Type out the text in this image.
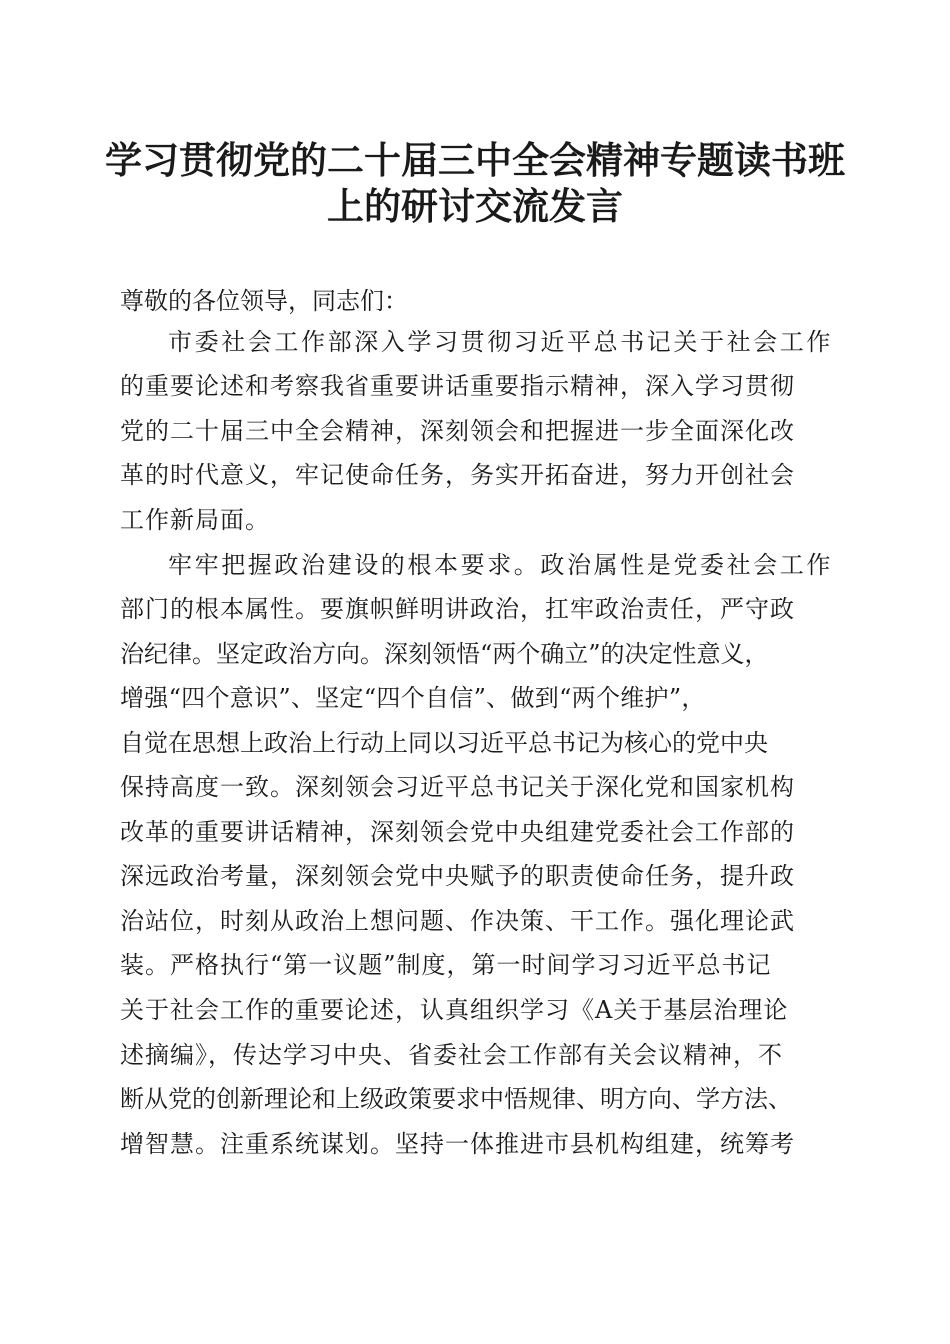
学习贯彻党的二十届三中全会精神专题读书班
上的研讨交流发言

尊敬的各位领导，同志们：

市委社会工作部深入学习贯彻习近平总书记关于社会工作

的重要论述和考察我省重要讲话重要指示精神，深入学习贯彻

党的二十届三中全会精神，深刻领会和把握进一步全面深化改

革的时代意义，牢记使命任务，务实开拓奋进，努力开创社会

工作新局面。

牢牢把握政治建设的根本要求。政治属性是党委社会工作

部门的根本属性。要旗帜鲜明讲政治，扛牢政治责任，严守政

治纪律。坚定政治方向。深刻领悟“两个确立”的决定性意义，

增强“四个意识”、坚定“四个自信”、做到“两个维护”，

自觉在思想上政治上行动上同以习近平总书记为核心的党中央

保持高度一致。深刻领会习近平总书记关于深化党和国家机构

改革的重要讲话精神，深刻领会党中央组建党委社会工作部的

深远政治考量，深刻领会党中央赋予的职责使命任务，提升政

治站位，时刻从政治上想问题、作决策、干工作。强化理论武

装。严格执行“第一议题”制度，第一时间学习习近平总书记

关于社会工作的重要论述，认真组织学习《A关于基层治理论

述摘编》，传达学习中央、省委社会工作部有关会议精神，不

断从党的创新理论和上级政策要求中悟规律、明方向、学方法、

增智慧。注重系统谋划。坚持一体推进市县机构组建，统筹考
